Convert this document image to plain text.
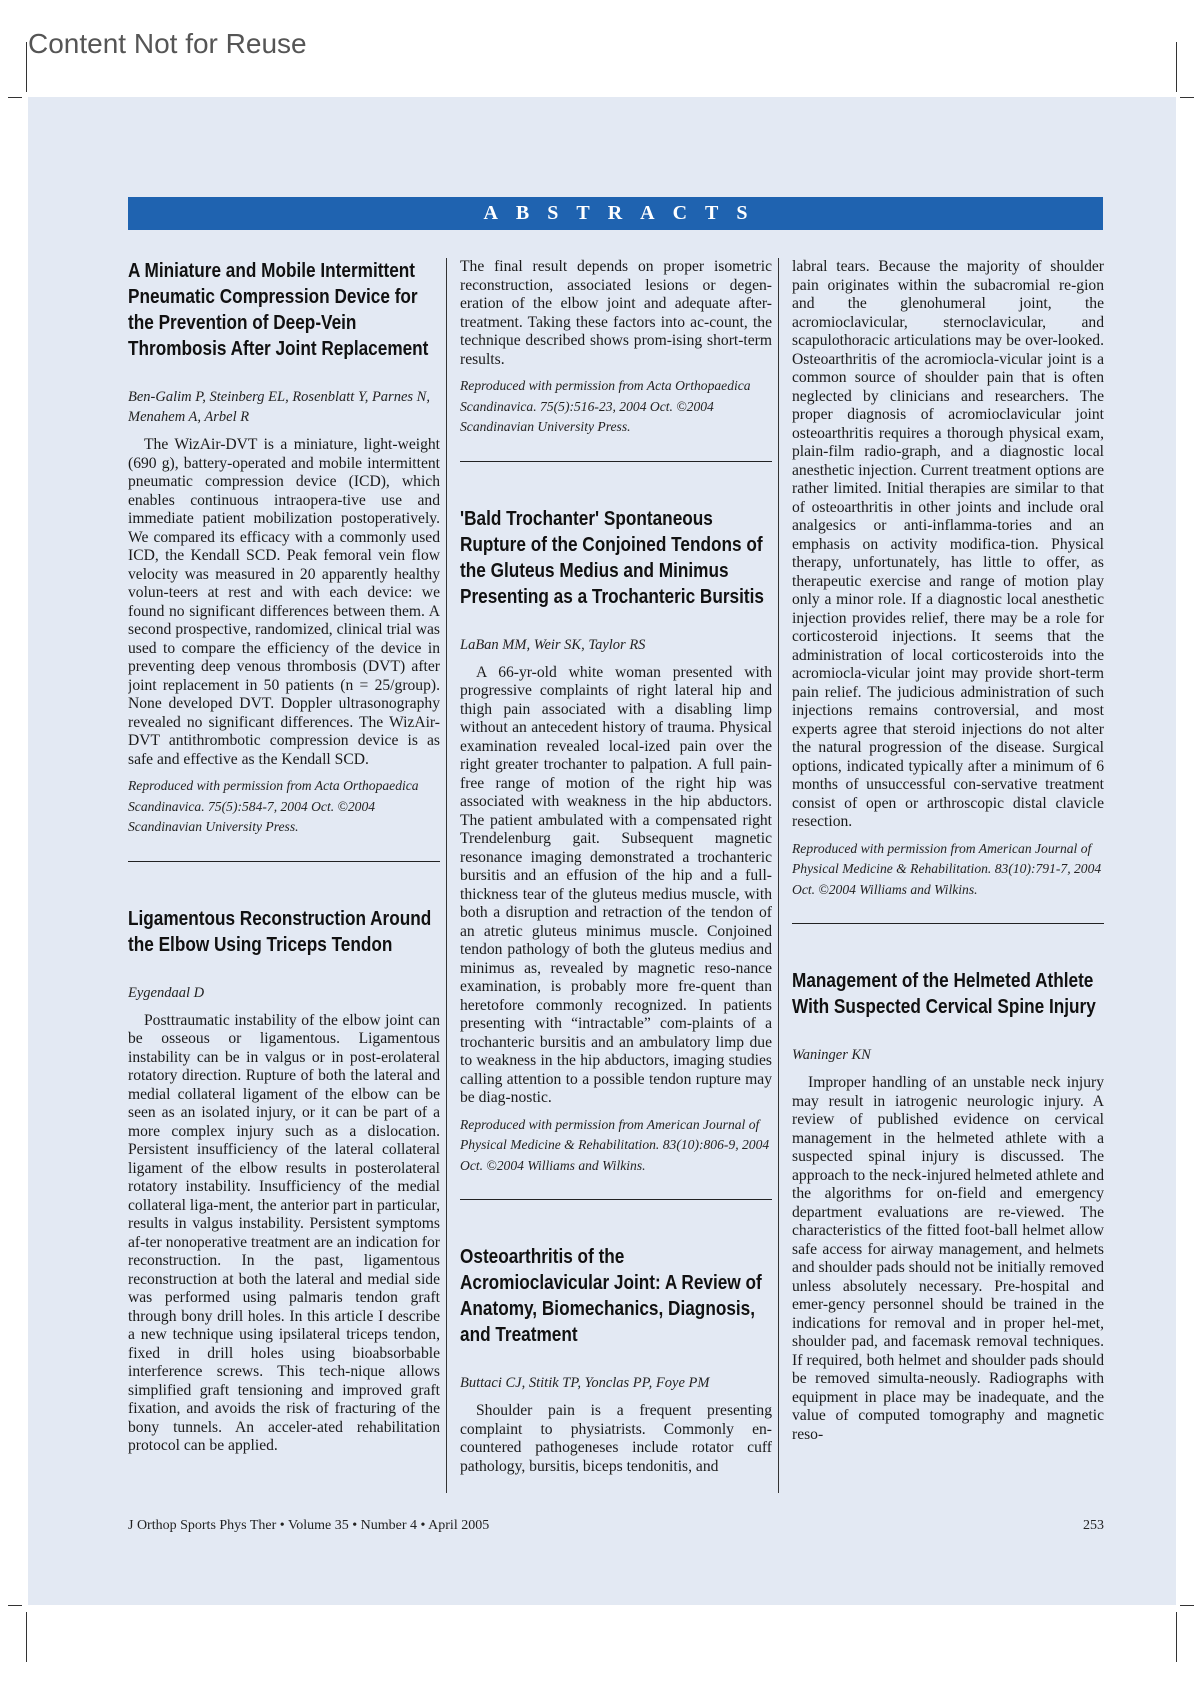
Content Not for Reuse
ABSTRACTS
A Miniature and Mobile Intermittent Pneumatic Compression Device for the Prevention of Deep-Vein Thrombosis After Joint Replacement
Ben-Galim P, Steinberg EL, Rosenblatt Y, Parnes N, Menahem A, Arbel R
The WizAir-DVT is a miniature, light-weight (690 g), battery-operated and mobile intermittent pneumatic compression device (ICD), which enables continuous intraopera-tive use and immediate patient mobilization postoperatively. We compared its efficacy with a commonly used ICD, the Kendall SCD. Peak femoral vein flow velocity was measured in 20 apparently healthy volun-teers at rest and with each device: we found no significant differences between them. A second prospective, randomized, clinical trial was used to compare the efficiency of the device in preventing deep venous thrombosis (DVT) after joint replacement in 50 patients (n = 25/group). None developed DVT. Doppler ultrasonography revealed no significant differences. The WizAir-DVT antithrombotic compression device is as safe and effective as the Kendall SCD.
Reproduced with permission from Acta Orthopaedica Scandinavica. 75(5):584-7, 2004 Oct. ©2004 Scandinavian University Press.
Ligamentous Reconstruction Around the Elbow Using Triceps Tendon
Eygendaal D
Posttraumatic instability of the elbow joint can be osseous or ligamentous. Ligamentous instability can be in valgus or in post-erolateral rotatory direction. Rupture of both the lateral and medial collateral ligament of the elbow can be seen as an isolated injury, or it can be part of a more complex injury such as a dislocation. Persistent insufficiency of the lateral collateral ligament of the elbow results in posterolateral rotatory instability. Insufficiency of the medial collateral liga-ment, the anterior part in particular, results in valgus instability. Persistent symptoms af-ter nonoperative treatment are an indication for reconstruction. In the past, ligamentous reconstruction at both the lateral and medial side was performed using palmaris tendon graft through bony drill holes. In this article I describe a new technique using ipsilateral triceps tendon, fixed in drill holes using bioabsorbable interference screws. This tech-nique allows simplified graft tensioning and improved graft fixation, and avoids the risk of fracturing of the bony tunnels. An acceler-ated rehabilitation protocol can be applied.
The final result depends on proper isometric reconstruction, associated lesions or degen-eration of the elbow joint and adequate after-treatment. Taking these factors into ac-count, the technique described shows prom-ising short-term results.
Reproduced with permission from Acta Orthopaedica Scandinavica. 75(5):516-23, 2004 Oct. ©2004 Scandinavian University Press.
'Bald Trochanter' Spontaneous Rupture of the Conjoined Tendons of the Gluteus Medius and Minimus Presenting as a Trochanteric Bursitis
LaBan MM, Weir SK, Taylor RS
A 66-yr-old white woman presented with progressive complaints of right lateral hip and thigh pain associated with a disabling limp without an antecedent history of trauma. Physical examination revealed local-ized pain over the right greater trochanter to palpation. A full pain-free range of motion of the right hip was associated with weakness in the hip abductors. The patient ambulated with a compensated right Trendelenburg gait. Subsequent magnetic resonance imaging demonstrated a trochanteric bursitis and an effusion of the hip and a full-thickness tear of the gluteus medius muscle, with both a disruption and retraction of the tendon of an atretic gluteus minimus muscle. Conjoined tendon pathology of both the gluteus medius and minimus as, revealed by magnetic reso-nance examination, is probably more fre-quent than heretofore commonly recognized. In patients presenting with “intractable” com-plaints of a trochanteric bursitis and an ambulatory limp due to weakness in the hip abductors, imaging studies calling attention to a possible tendon rupture may be diag-nostic.
Reproduced with permission from American Journal of Physical Medicine & Rehabilitation. 83(10):806-9, 2004 Oct. ©2004 Williams and Wilkins.
Osteoarthritis of the Acromioclavicular Joint: A Review of Anatomy, Biomechanics, Diagnosis, and Treatment
Buttaci CJ, Stitik TP, Yonclas PP, Foye PM
Shoulder pain is a frequent presenting complaint to physiatrists. Commonly en-countered pathogeneses include rotator cuff pathology, bursitis, biceps tendonitis, and
labral tears. Because the majority of shoulder pain originates within the subacromial re-gion and the glenohumeral joint, the acromioclavicular, sternoclavicular, and scapulothoracic articulations may be over-looked. Osteoarthritis of the acromiocla-vicular joint is a common source of shoulder pain that is often neglected by clinicians and researchers. The proper diagnosis of acromioclavicular joint osteoarthritis requires a thorough physical exam, plain-film radio-graph, and a diagnostic local anesthetic injection. Current treatment options are rather limited. Initial therapies are similar to that of osteoarthritis in other joints and include oral analgesics or anti-inflamma-tories and an emphasis on activity modifica-tion. Physical therapy, unfortunately, has little to offer, as therapeutic exercise and range of motion play only a minor role. If a diagnostic local anesthetic injection provides relief, there may be a role for corticosteroid injections. It seems that the administration of local corticosteroids into the acromiocla-vicular joint may provide short-term pain relief. The judicious administration of such injections remains controversial, and most experts agree that steroid injections do not alter the natural progression of the disease. Surgical options, indicated typically after a minimum of 6 months of unsuccessful con-servative treatment consist of open or arthroscopic distal clavicle resection.
Reproduced with permission from American Journal of Physical Medicine & Rehabilitation. 83(10):791-7, 2004 Oct. ©2004 Williams and Wilkins.
Management of the Helmeted Athlete With Suspected Cervical Spine Injury
Waninger KN
Improper handling of an unstable neck injury may result in iatrogenic neurologic injury. A review of published evidence on cervical management in the helmeted athlete with a suspected spinal injury is discussed. The approach to the neck-injured helmeted athlete and the algorithms for on-field and emergency department evaluations are re-viewed. The characteristics of the fitted foot-ball helmet allow safe access for airway management, and helmets and shoulder pads should not be initially removed unless absolutely necessary. Pre-hospital and emer-gency personnel should be trained in the indications for removal and in proper hel-met, shoulder pad, and facemask removal techniques. If required, both helmet and shoulder pads should be removed simulta-neously. Radiographs with equipment in place may be inadequate, and the value of computed tomography and magnetic reso-
J Orthop Sports Phys Ther • Volume 35 • Number 4 • April 2005	253
